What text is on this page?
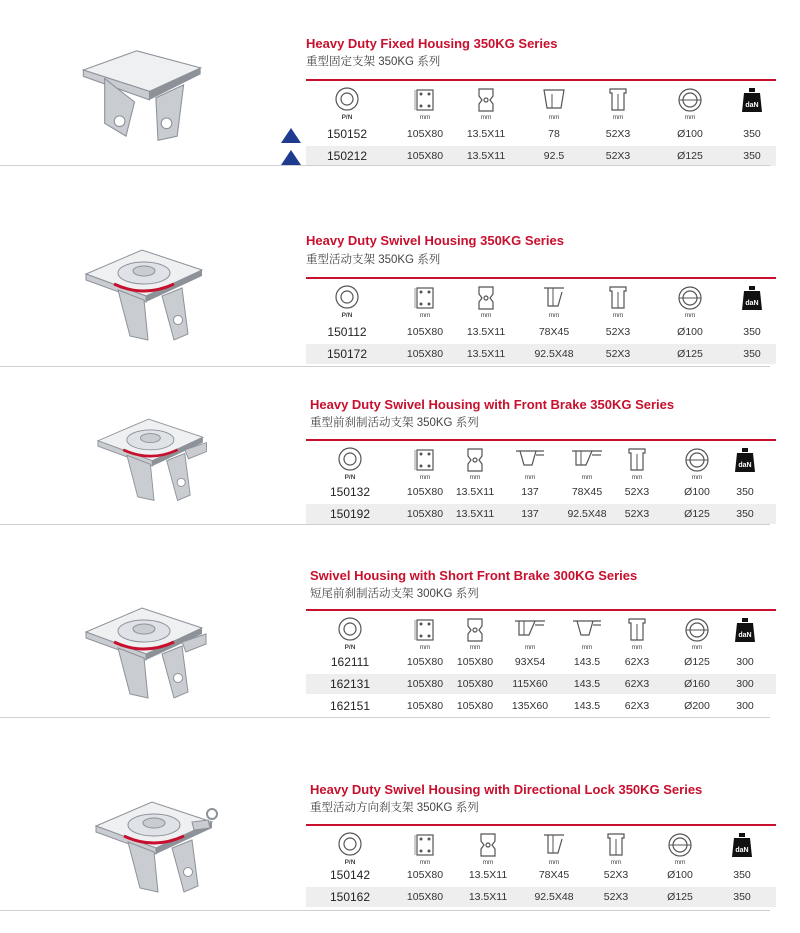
Heavy Duty Fixed Housing 350KG Series
重型固定支架 350KG 系列
P/N	mm	mm	mm	mm	mm
daN
150152	105X80	13.5X11	78	52X3	Ø100	350
150212	105X80	13.5X11	92.5	52X3	Ø125	350
Heavy Duty Swivel Housing 350KG Series
重型活动支架 350KG 系列
P/N	mm	mm	mm	mm	mm
daN
150112	105X80	13.5X11	78X45	52X3	Ø100	350
150172	105X80	13.5X11	92.5X48	52X3	Ø125	350
Heavy Duty Swivel Housing with Front Brake 350KG Series
重型前刹制活动支架 350KG 系列
P/N	mm	mm	mm	mm	mm	mm
daN
150132	105X80	13.5X11	137	78X45	52X3	Ø100	350
150192	105X80	13.5X11	137	92.5X48	52X3	Ø125	350
Swivel Housing with Short Front Brake 300KG Series
短尾前刹制活动支架 300KG 系列
P/N	mm	mm	mm	mm	mm	mm
daN
162111	105X80	105X80	93X54	143.5	62X3	Ø125	300
162131	105X80	105X80	115X60	143.5	62X3	Ø160	300
162151	105X80	105X80	135X60	143.5	62X3	Ø200	300
Heavy Duty Swivel Housing with Directional Lock 350KG Series
重型活动方向刹支架 350KG 系列
P/N	mm	mm	mm	mm	mm
daN
150142	105X80	13.5X11	78X45	52X3	Ø100	350
150162	105X80	13.5X11	92.5X48	52X3	Ø125	350
